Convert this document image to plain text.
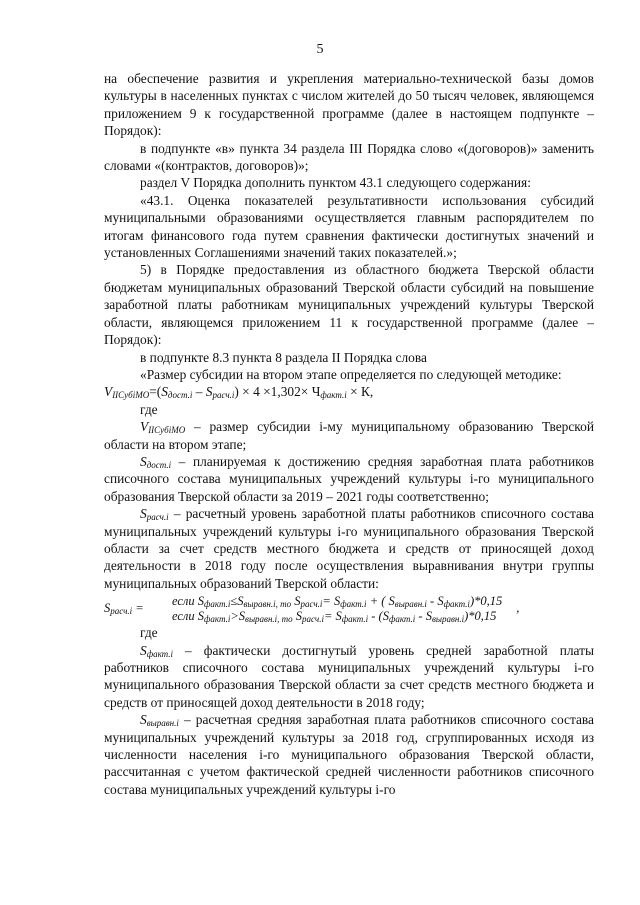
5

на обеспечение развития и укрепления материально-технической базы домов культуры в населенных пунктах с числом жителей до 50 тысяч человек, являющемся приложением 9 к государственной программе (далее в настоящем подпункте – Порядок):

в подпункте «в» пункта 34 раздела III Порядка слово «(договоров)» заменить словами «(контрактов, договоров)»;

раздел V Порядка дополнить пунктом 43.1 следующего содержания:

«43.1. Оценка показателей результативности использования субсидий муниципальными образованиями осуществляется главным распорядителем по итогам финансового года путем сравнения фактически достигнутых значений и установленных Соглашениями значений таких показателей.»;

5) в Порядке предоставления из областного бюджета Тверской области бюджетам муниципальных образований Тверской области субсидий на повышение заработной платы работникам муниципальных учреждений культуры Тверской области, являющемся приложением 11 к государственной программе (далее – Порядок):

в подпункте 8.3 пункта 8 раздела II Порядка слова

«Размер субсидии на втором этапе определяется по следующей методике:

$V_{IIСубiМО}=(S_{дост.i} - S_{расч.i}) \times 4 \times 1,302\times Ч_{факт.i} \times К$,

где

$V_{IIСубiМО}$ – размер субсидии i-му муниципальному образованию Тверской области на втором этапе;

$S_{дост.i}$ – планируемая к достижению средняя заработная плата работников списочного состава муниципальных учреждений культуры i-го муниципального образования Тверской области за 2019 – 2021 годы соответственно;

$S_{расч.i}$ – расчетный уровень заработной платы работников списочного состава муниципальных учреждений культуры i-го муниципального образования Тверской области за счет средств местного бюджета и средств от приносящей доход деятельности в 2018 году после осуществления выравнивания внутри группы муниципальных образований Тверской области:

$S_{расч.i}$ =
если $S_{факт.i}\le S_{выравн.i, то}$ $S_{расч.i}= S_{факт.i}$ + ( $S_{выравн.i} - S_{факт.i})*0,15$
если $S_{факт.i}>S_{выравн.i, то}$ $S_{расч.i}= S_{факт.i} - (S_{факт.i} - S_{выравн.i})*0,15$
,

где

$S_{факт.i}$ – фактически достигнутый уровень средней заработной платы работников списочного состава муниципальных учреждений культуры i-го муниципального образования Тверской области за счет средств местного бюджета и средств от приносящей доход деятельности в 2018 году;

$S_{выравн.i}$ – расчетная средняя заработная плата работников списочного состава муниципальных учреждений культуры за 2018 год, сгруппированных исходя из численности населения i-го муниципального образования Тверской области, рассчитанная с учетом фактической средней численности работников списочного состава муниципальных учреждений культуры i-го
